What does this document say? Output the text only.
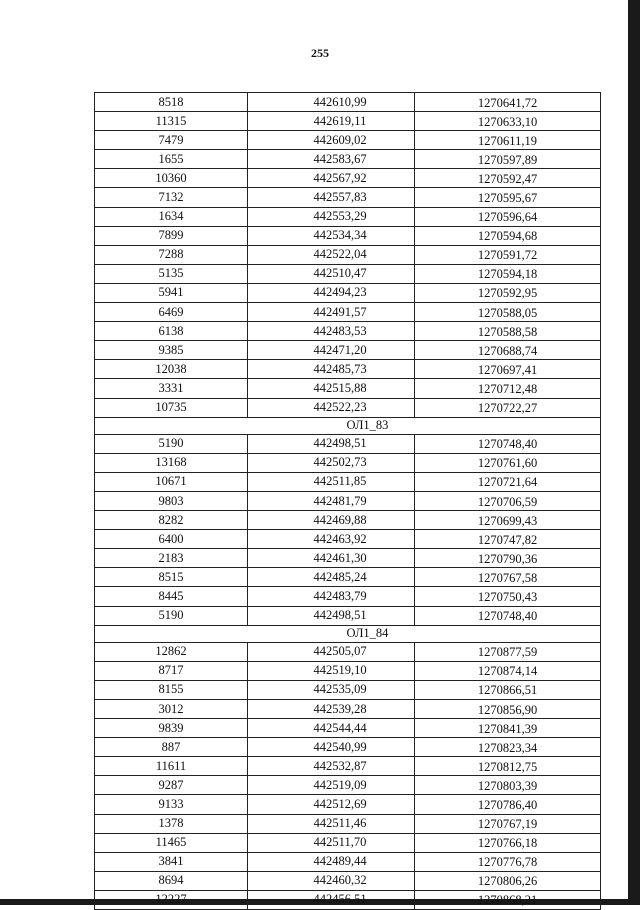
255
8518	442610,99	1270641,72
11315	442619,11	1270633,10
7479	442609,02	1270611,19
1655	442583,67	1270597,89
10360	442567,92	1270592,47
7132	442557,83	1270595,67
1634	442553,29	1270596,64
7899	442534,34	1270594,68
7288	442522,04	1270591,72
5135	442510,47	1270594,18
5941	442494,23	1270592,95
6469	442491,57	1270588,05
6138	442483,53	1270588,58
9385	442471,20	1270688,74
12038	442485,73	1270697,41
3331	442515,88	1270712,48
10735	442522,23	1270722,27
ОЛ1_83		
5190	442498,51	1270748,40
13168	442502,73	1270761,60
10671	442511,85	1270721,64
9803	442481,79	1270706,59
8282	442469,88	1270699,43
6400	442463,92	1270747,82
2183	442461,30	1270790,36
8515	442485,24	1270767,58
8445	442483,79	1270750,43
5190	442498,51	1270748,40
ОЛ1_84		
12862	442505,07	1270877,59
8717	442519,10	1270874,14
8155	442535,09	1270866,51
3012	442539,28	1270856,90
9839	442544,44	1270841,39
887	442540,99	1270823,34
11611	442532,87	1270812,75
9287	442519,09	1270803,39
9133	442512,69	1270786,40
1378	442511,46	1270767,19
11465	442511,70	1270766,18
3841	442489,44	1270776,78
8694	442460,32	1270806,26
12227	442456,51	1270868,21
